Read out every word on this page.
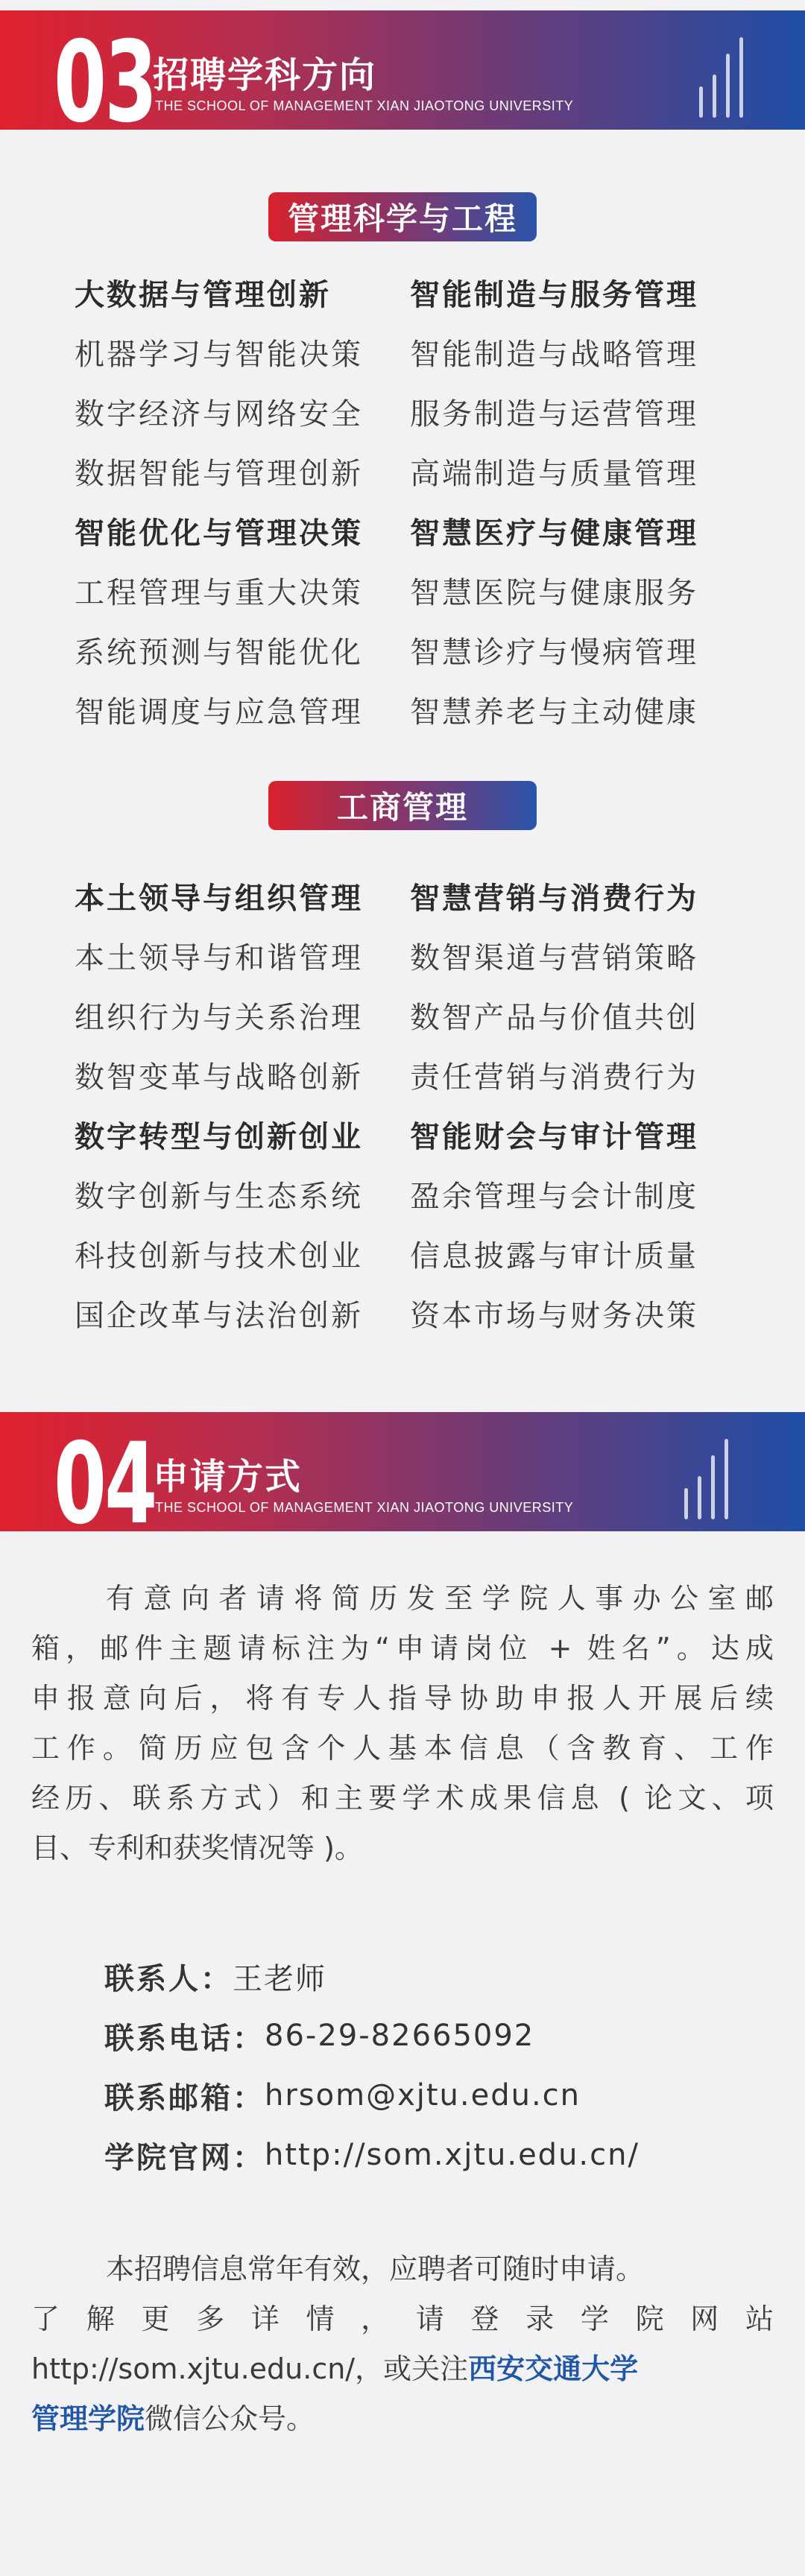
03
招聘学科方向
THE SCHOOL OF MANAGEMENT XIAN JIAOTONG UNIVERSITY
管理科学与工程
大数据与管理创新	智能制造与服务管理
机器学习与智能决策	智能制造与战略管理
数字经济与网络安全	服务制造与运营管理
数据智能与管理创新	高端制造与质量管理
智能优化与管理决策	智慧医疗与健康管理
工程管理与重大决策	智慧医院与健康服务
系统预测与智能优化	智慧诊疗与慢病管理
智能调度与应急管理	智慧养老与主动健康
工商管理
本土领导与组织管理	智慧营销与消费行为
本土领导与和谐管理	数智渠道与营销策略
组织行为与关系治理	数智产品与价值共创
数智变革与战略创新	责任营销与消费行为
数字转型与创新创业	智能财会与审计管理
数字创新与生态系统	盈余管理与会计制度
科技创新与技术创业	信息披露与审计质量
国企改革与法治创新	资本市场与财务决策
04
申请方式
THE SCHOOL OF MANAGEMENT XIAN JIAOTONG UNIVERSITY
有意向者请将简历发至学院人事办公室邮
箱，邮件主题请标注为“申请岗位 + 姓名”。达成
申报意向后，将有专人指导协助申报人开展后续
工作。简历应包含个人基本信息（含教育、工作
经历、联系方式）和主要学术成果信息 ( 论文、项
目、专利和获奖情况等 )。
联系人： 王老师
联系电话： 86-29-82665092
联系邮箱： hrsom@xjtu.edu.cn
学院官网： http://som.xjtu.edu.cn/
本招聘信息常年有效，应聘者可随时申请。
了解更多详情，请登录学院网站
http://som.xjtu.edu.cn/，或关注西安交通大学
管理学院微信公众号。
